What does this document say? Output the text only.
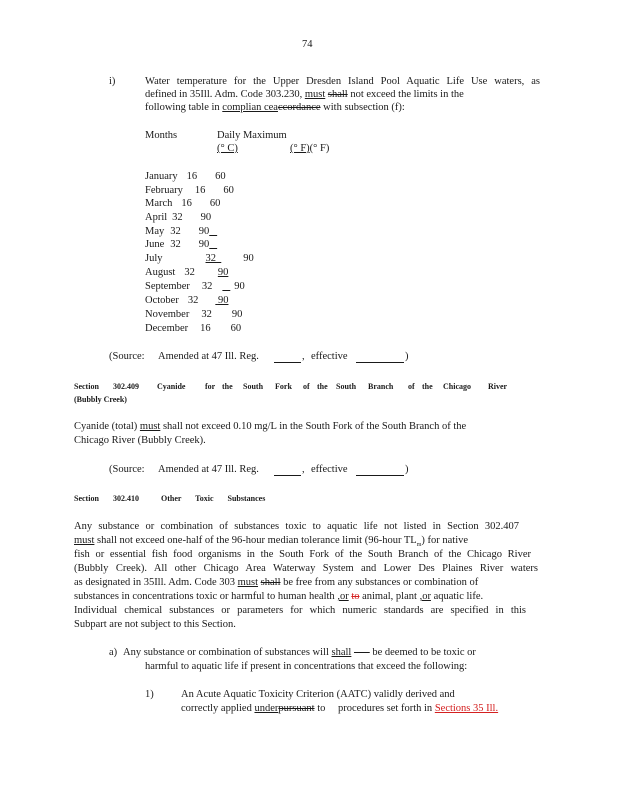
74
i)	Water temperature for the Upper Dresden Island Pool Aquatic Life Use waters, as
defined in 35Ill. Adm. Code 303.230, must shall not exceed the limits in the
following table in complian ceaccordance with subsection (f):
Months	Daily Maximum
(° C)	(° F)(° F)
January 16 60
February 16 60
March 16 60
April 32 90
May 32 90
June 32 90
July	32	90
August 32 90
September 32 90
October 32 90
November 32 90
December 16 60
(Source: Amended at 47 Ill. Reg.	, effective	)
Section 302.409 Cyanide for the South Fork of the South Branch of the Chicago River
(Bubbly Creek)
Cyanide (total) must shall not exceed 0.10 mg/L in the South Fork of the South Branch of the
Chicago River (Bubbly Creek).
(Source: Amended at 47 Ill. Reg.	, effective	)
Section 302.410	Other Toxic Substances
Any substance or combination of substances toxic to aquatic life not listed in Section 302.407
must shall not exceed one-half of the 96-hour median tolerance limit (96-hour $TL_m$) for native
fish or essential fish food organisms in the South Fork of the South Branch of the Chicago River
(Bubbly Creek). All other Chicago Area Waterway System and Lower Des Plaines River waters
as designated in 35Ill. Adm. Code 303 must shall be free from any substances or combination of
substances in concentrations toxic or harmful to human health ,or to animal, plant ,or aquatic life.
Individual chemical substances or parameters for which numeric standards are specified in this
Subpart are not subject to this Section.
a) Any substance or combination of substances will shall        be deemed to be toxic or
harmful to aquatic life if present in concentrations that exceed the following:
1)	An Acute Aquatic Toxicity Criterion (AATC) validly derived and
correctly applied underpursuant to procedures set forth in Sections 35 Ill.
